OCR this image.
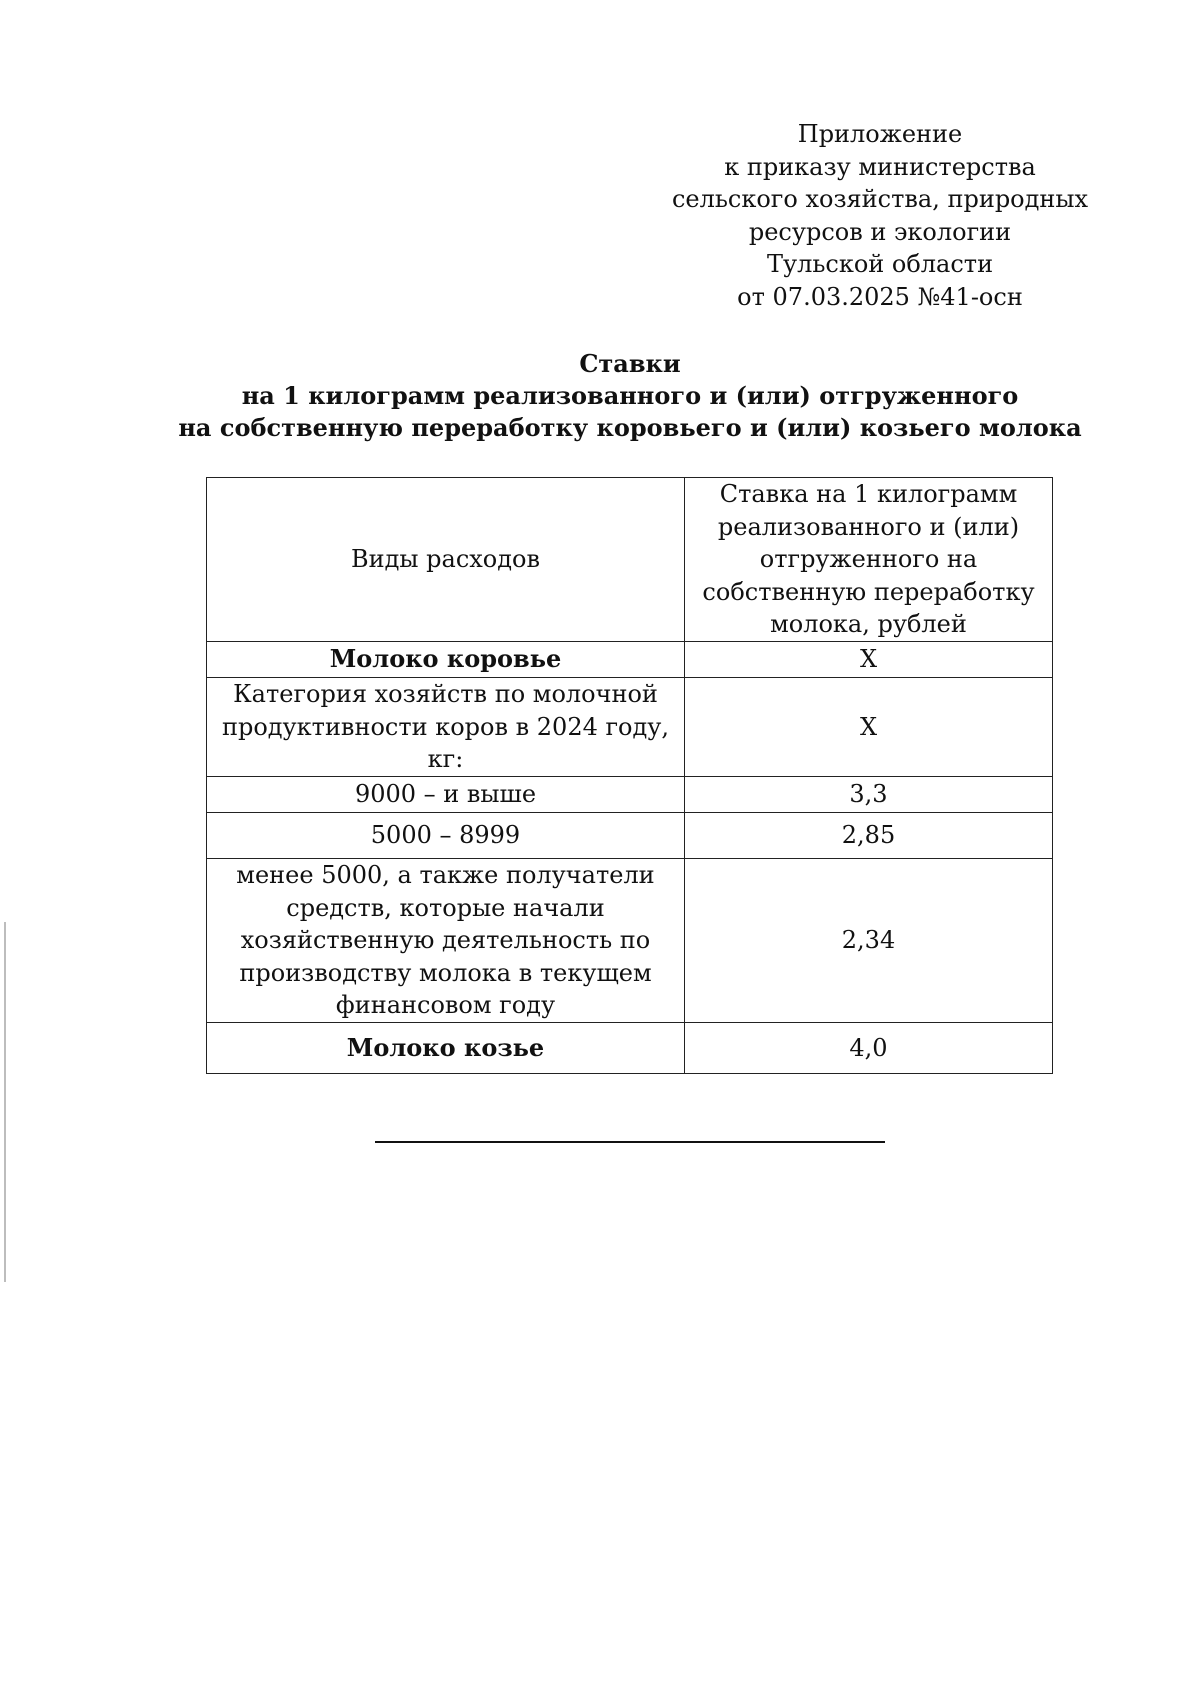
Приложение
к приказу министерства
сельского хозяйства, природных
ресурсов и экологии
Тульской области
от 07.03.2025 №41-осн
Ставки
на 1 килограмм реализованного и (или) отгруженного
на собственную переработку коровьего и (или) козьего молока
Виды расходов	Ставка на 1 килограмм
реализованного и (или)
отгруженного на
собственную переработку
молока, рублей
Молоко коровье	Х
Категория хозяйств по молочной
продуктивности коров в 2024 году,
кг:	Х
9000 – и выше	3,3
5000 – 8999	2,85
менее 5000, а также получатели
средств, которые начали
хозяйственную деятельность по
производству молока в текущем
финансовом году	2,34
Молоко козье	4,0
